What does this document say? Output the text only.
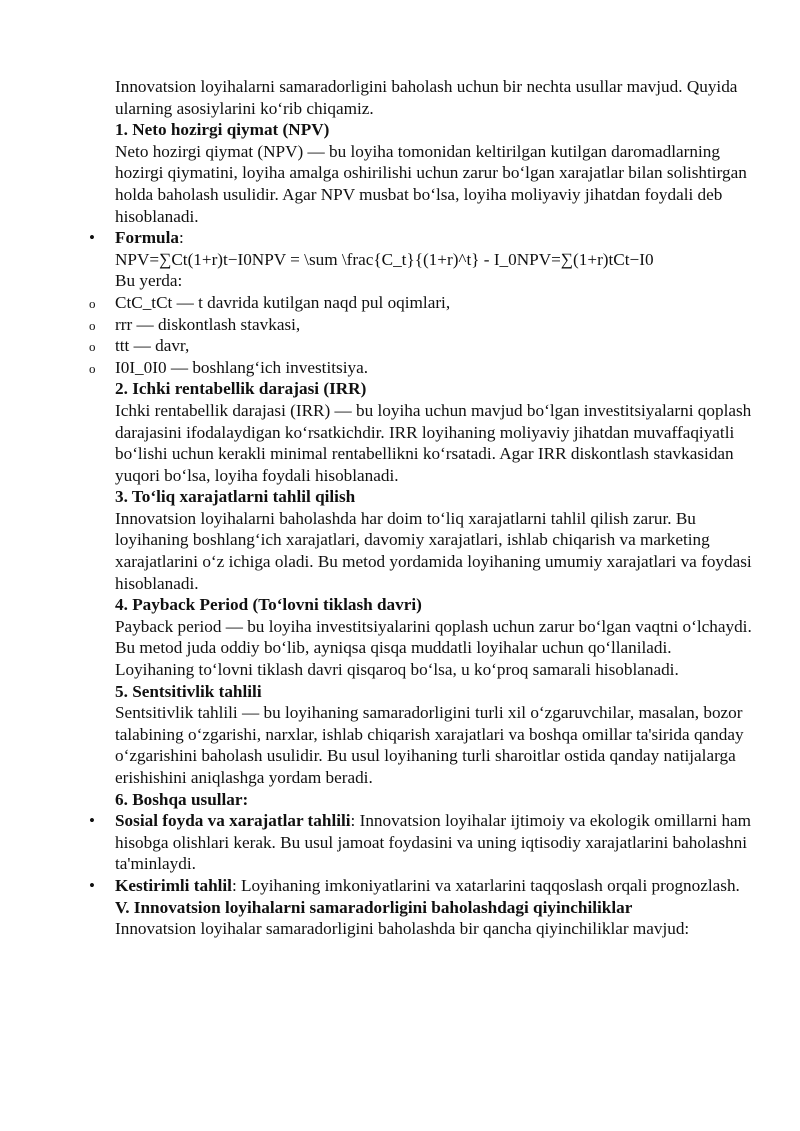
Innovatsion loyihalarni samaradorligini baholash uchun bir nechta usullar mavjud. Quyida ularning asosiylarini ko‘rib chiqamiz.

1. Neto hozirgi qiymat (NPV)

Neto hozirgi qiymat (NPV) — bu loyiha tomonidan keltirilgan kutilgan daromadlarning hozirgi qiymatini, loyiha amalga oshirilishi uchun zarur bo‘lgan xarajatlar bilan solishtirgan holda baholash usulidir. Agar NPV musbat bo‘lsa, loyiha moliyaviy jihatdan foydali deb hisoblanadi.

• Formula:
NPV=∑Ct(1+r)t−I0NPV = \sum \frac{C_t}{(1+r)^t} - I_0NPV=∑(1+r)tCt−I0
Bu yerda:
o CtC_tCt — t davrida kutilgan naqd pul oqimlari,
o rrr — diskontlash stavkasi,
o ttt — davr,
o I0I_0I0 — boshlang‘ich investitsiya.
2. Ichki rentabellik darajasi (IRR)

Ichki rentabellik darajasi (IRR) — bu loyiha uchun mavjud bo‘lgan investitsiyalarni qoplash darajasini ifodalaydigan ko‘rsatkichdir. IRR loyihaning moliyaviy jihatdan muvaffaqiyatli bo‘lishi uchun kerakli minimal rentabellikni ko‘rsatadi. Agar IRR diskontlash stavkasidan yuqori bo‘lsa, loyiha foydali hisoblanadi.

3. To‘liq xarajatlarni tahlil qilish

Innovatsion loyihalarni baholashda har doim to‘liq xarajatlarni tahlil qilish zarur. Bu loyihaning boshlang‘ich xarajatlari, davomiy xarajatlari, ishlab chiqarish va marketing xarajatlarini o‘z ichiga oladi. Bu metod yordamida loyihaning umumiy xarajatlari va foydasi hisoblanadi.

4. Payback Period (To‘lovni tiklash davri)

Payback period — bu loyiha investitsiyalarini qoplash uchun zarur bo‘lgan vaqtni o‘lchaydi. Bu metod juda oddiy bo‘lib, ayniqsa qisqa muddatli loyihalar uchun qo‘llaniladi. Loyihaning to‘lovni tiklash davri qisqaroq bo‘lsa, u ko‘proq samarali hisoblanadi.

5. Sentsitivlik tahlili

Sentsitivlik tahlili — bu loyihaning samaradorligini turli xil o‘zgaruvchilar, masalan, bozor talabining o‘zgarishi, narxlar, ishlab chiqarish xarajatlari va boshqa omillar ta'sirida qanday o‘zgarishini baholash usulidir. Bu usul loyihaning turli sharoitlar ostida qanday natijalarga erishishini aniqlashga yordam beradi.

6. Boshqa usullar:
• Sosial foyda va xarajatlar tahlili: Innovatsion loyihalar ijtimoiy va ekologik omillarni ham hisobga olishlari kerak. Bu usul jamoat foydasini va uning iqtisodiy xarajatlarini baholashni ta'minlaydi.
• Kestirimli tahlil: Loyihaning imkoniyatlarini va xatarlarini taqqoslash orqali prognozlash.
V. Innovatsion loyihalarni samaradorligini baholashdagi qiyinchiliklar

Innovatsion loyihalar samaradorligini baholashda bir qancha qiyinchiliklar mavjud:
